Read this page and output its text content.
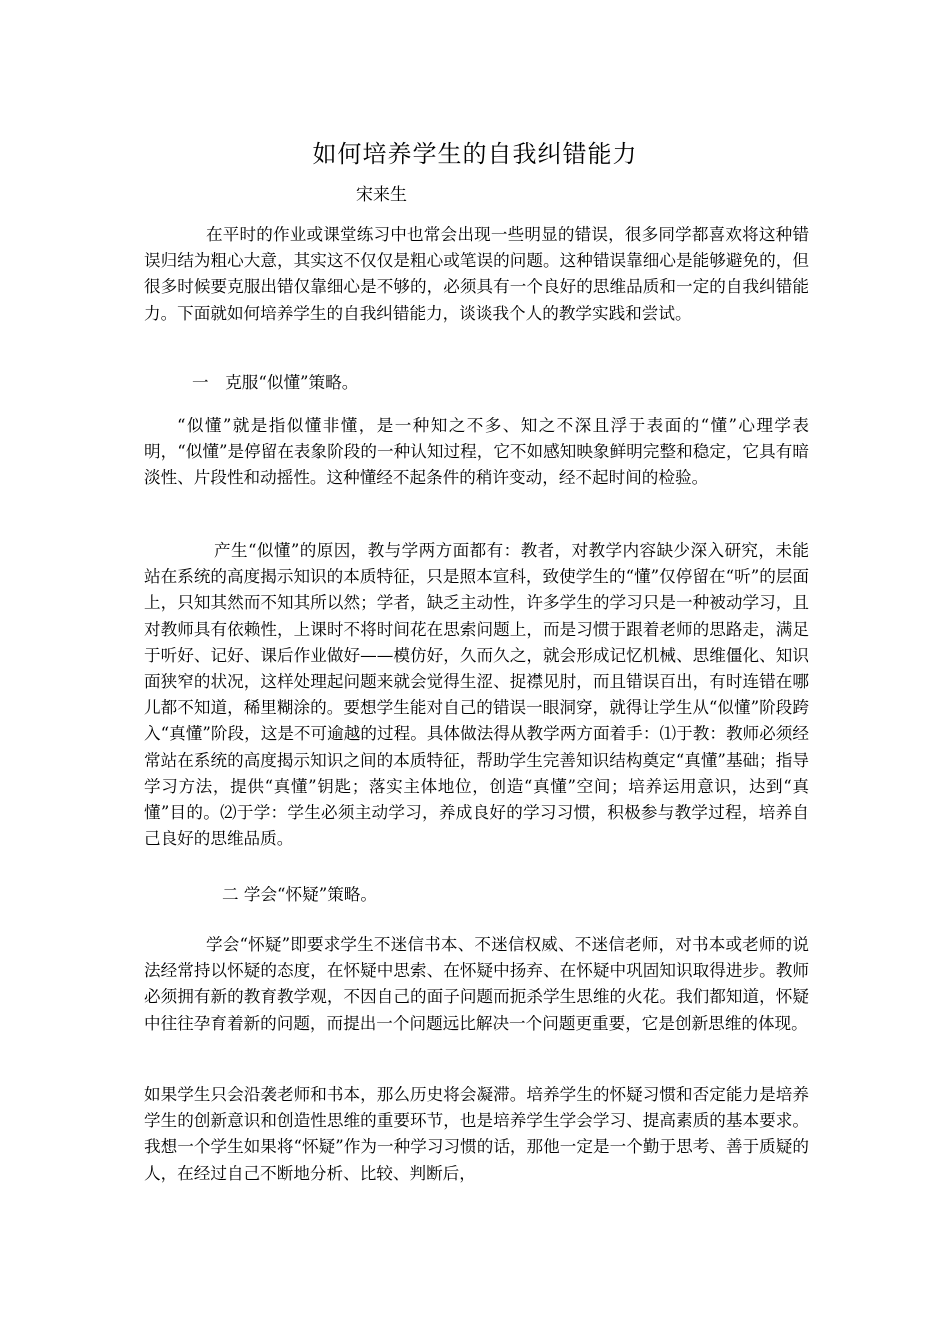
如何培养学生的自我纠错能力
宋来生

在平时的作业或课堂练习中也常会出现一些明显的错误，很多同学都喜欢将这种错误归结为粗心大意，其实这不仅仅是粗心或笔误的问题。这种错误靠细心是能够避免的，但很多时候要克服出错仅靠细心是不够的，必须具有一个良好的思维品质和一定的自我纠错能力。下面就如何培养学生的自我纠错能力，谈谈我个人的教学实践和尝试。

一　克服“似懂”策略。

“似懂”就是指似懂非懂，是一种知之不多、知之不深且浮于表面的“懂”心理学表明，“似懂”是停留在表象阶段的一种认知过程，它不如感知映象鲜明完整和稳定，它具有暗淡性、片段性和动摇性。这种懂经不起条件的稍许变动，经不起时间的检验。

产生“似懂”的原因，教与学两方面都有：教者，对教学内容缺少深入研究，未能站在系统的高度揭示知识的本质特征，只是照本宣科，致使学生的“懂”仅停留在“听”的层面上，只知其然而不知其所以然；学者，缺乏主动性，许多学生的学习只是一种被动学习，且对教师具有依赖性，上课时不将时间花在思索问题上，而是习惯于跟着老师的思路走，满足于听好、记好、课后作业做好——模仿好，久而久之，就会形成记忆机械、思维僵化、知识面狭窄的状况，这样处理起问题来就会觉得生涩、捉襟见肘，而且错误百出，有时连错在哪儿都不知道，稀里糊涂的。要想学生能对自己的错误一眼洞穿，就得让学生从“似懂”阶段跨入“真懂”阶段，这是不可逾越的过程。具体做法得从教学两方面着手：⑴于教：教师必须经常站在系统的高度揭示知识之间的本质特征，帮助学生完善知识结构奠定“真懂”基础；指导学习方法，提供“真懂”钥匙；落实主体地位，创造“真懂”空间；培养运用意识，达到“真懂”目的。⑵于学：学生必须主动学习，养成良好的学习习惯，积极参与教学过程，培养自己良好的思维品质。

二 学会“怀疑”策略。

学会“怀疑”即要求学生不迷信书本、不迷信权威、不迷信老师，对书本或老师的说法经常持以怀疑的态度，在怀疑中思索、在怀疑中扬弃、在怀疑中巩固知识取得进步。教师必须拥有新的教育教学观，不因自己的面子问题而扼杀学生思维的火花。我们都知道，怀疑中往往孕育着新的问题，而提出一个问题远比解决一个问题更重要，它是创新思维的体现。

如果学生只会沿袭老师和书本，那么历史将会凝滞。培养学生的怀疑习惯和否定能力是培养学生的创新意识和创造性思维的重要环节，也是培养学生学会学习、提高素质的基本要求。我想一个学生如果将“怀疑”作为一种学习习惯的话，那他一定是一个勤于思考、善于质疑的人，在经过自己不断地分析、比较、判断后，
